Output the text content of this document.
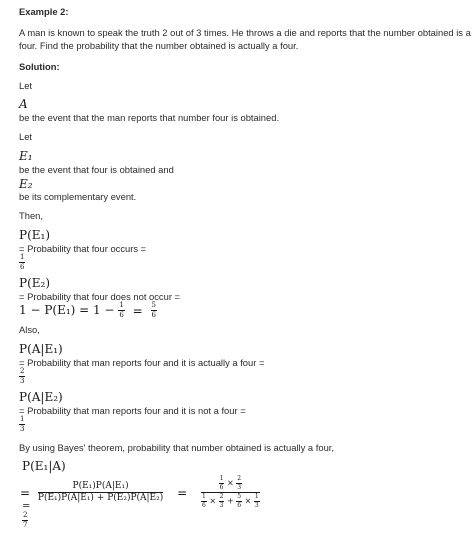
Example 2:
A man is known to speak the truth 2 out of 3 times. He throws a die and reports that the number obtained is a
four. Find the probability that the number obtained is actually a four.
Solution:
Let
A
be the event that the man reports that number four is obtained.
Let
E₁
be the event that four is obtained and
E₂
be its complementary event.
Then,
P(E₁)
= Probability that four occurs =
$\frac{1}{6}$
P(E₂)
= Probability that four does not occur =
$1 - P(E_1) = 1 - \frac{1}{6} = \frac{5}{6}$
Also,
P(A|E₁)
= Probability that man reports four and it is actually a four =
$\frac{2}{3}$
P(A|E₂)
= Probability that man reports four and it is not a four =
$\frac{1}{3}$
By using Bayes' theorem, probability that number obtained is actually a four,
P(E₁|A)
= $\frac{\text{P(E₁)P(A|E₁)}}{\text{P(E₁)P(A|E₁) + P(E₂)P(A|E₂)}}$ =
$\frac{1}{6} \times \frac{2}{3}$
$\frac{1}{6} \times \frac{2}{3} + \frac{5}{6} \times \frac{1}{3}$
=
$\frac{2}{7}$
